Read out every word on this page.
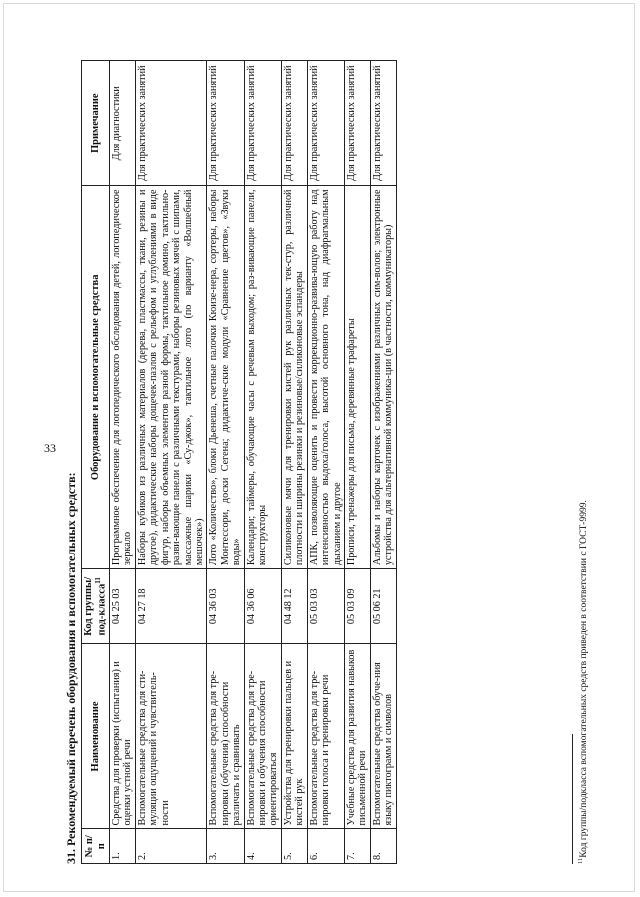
33
31. Рекомендуемый перечень оборудования и вспомогательных средств: № п/п	Наименование	Код группы/под-класса$^{11}$	Оборудование и вспомогательные средства	Примечание
1.	Средства для проверки (испытания) и оценки устной речи	04 25 03	Программное обеспечение для логопедического обследования детей, логопедическое зеркало	Для диагностики
2.	Вспомогательные средства для сти-муляции ощущений и чувствитель-ности	04 27 18	Наборы кубиков из различных материалов (дерева, пластмассы, ткани, резины и другое), дидактические наборы дощечек-пазлов с рельефом и углублениями в виде фигур, наборы объемных элементов разной формы, тактильное домино, тактильно-разви-вающие панели с различными текстурами, наборы резиновых мячей с шипами, массажные шарики «Су-джок», тактильное лото (по варианту «Волшебный мешочек»)	Для практических занятий
3.	Вспомогательные средства для тре-нировки (обучения) способности различать и сравнивать	04 36 03	Лото «Количество», блоки Дьенеша, счетные палочки Кюизе-нера, сортеры, наборы Монтессори, доски Сегена; дидактиче-ские модули «Сравнение цветов», «Звуки воды»	Для практических занятий
4.	Вспомогательные средства для тре-нировки и обучения способности ориентироваться	04 36 06	Календари; таймеры, обучающие часы с речевым выходом; раз-вивающие панели, конструкторы	Для практических занятий
5.	Устройства для тренировки пальцев и кистей рук	04 48 12	Силиконовые мячи для тренировки кистей рук различных тек-стур, различной плотности и ширины резинки и резиновые/силиконовые эспандеры	Для практических занятий
6.	Вспомогательные средства для тре-нировки голоса и тренировки речи	05 03 03	АПК, позволяющие оценить и провести коррекционно-развива-ющую работу над интенсивностью выдоха/голоса, высотой основного тона, над диафрагмальным дыханием и другое	Для практических занятий
7.	Учебные средства для развития навыков письменной речи	05 03 09	Прописи, тренажеры для письма, деревянные трафареты	Для практических занятий
8.	Вспомогательные средства обуче-ния языку пиктограмм и символов	05 06 21	Альбомы и наборы карточек с изображениями различных сим-волов; электронные устройства для альтернативной коммуника-ции (в частности, коммуникаторы)	Для практических занятий
$^{11}$Код группы/подкласса вспомогательных средств приведен в соответствии с ГОСТ-9999.
